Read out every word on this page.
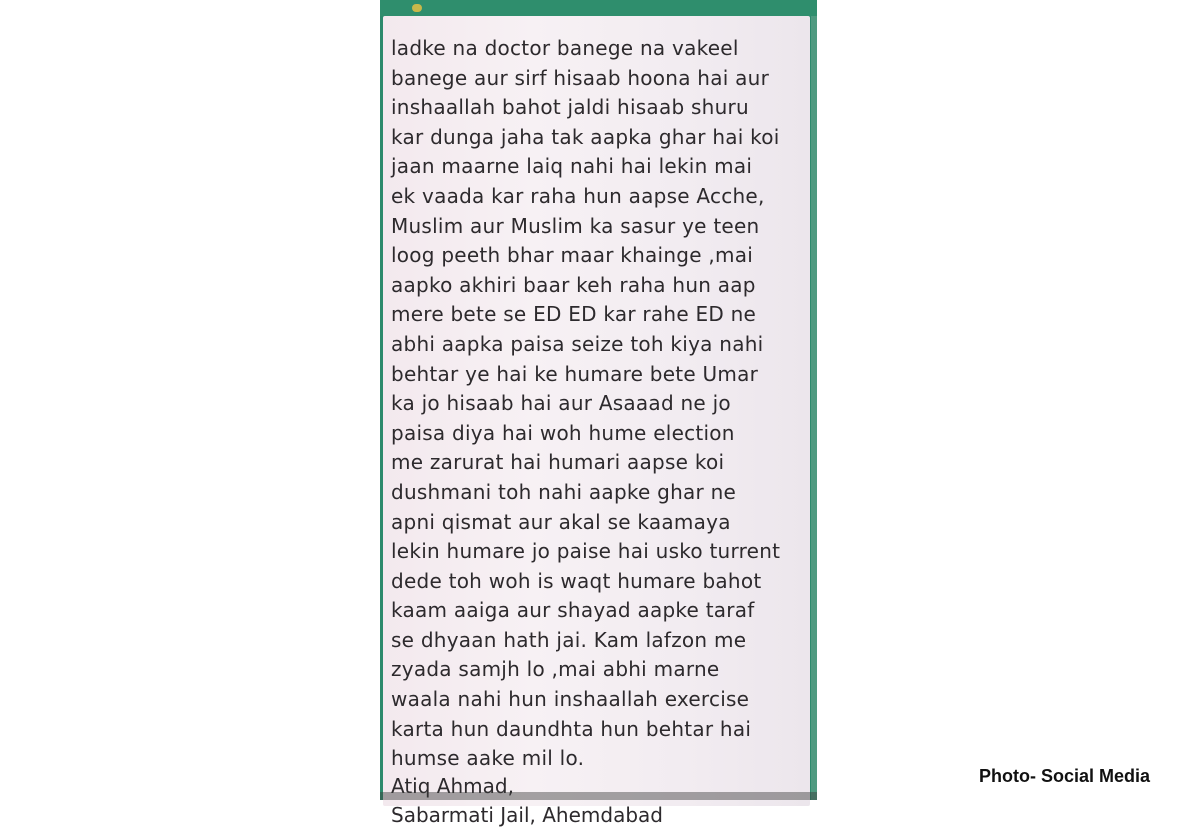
ladke na doctor banege na vakeel
banege aur sirf hisaab hoona hai aur
inshaallah bahot jaldi hisaab shuru
kar dunga jaha tak aapka ghar hai koi
jaan maarne laiq nahi hai lekin mai
ek vaada kar raha hun aapse Acche,
Muslim aur Muslim ka sasur ye teen
loog peeth bhar maar khainge ,mai
aapko akhiri baar keh raha hun aap
mere bete se ED ED kar rahe ED ne
abhi aapka paisa seize toh kiya nahi
behtar ye hai ke humare bete Umar
ka jo hisaab hai aur Asaaad ne jo
paisa diya hai woh hume election
me zarurat hai humari aapse koi
dushmani toh nahi aapke ghar ne
apni qismat aur akal se kaamaya
lekin humare jo paise hai usko turrent
dede toh woh is waqt humare bahot
kaam aaiga aur shayad aapke taraf
se dhyaan hath jai. Kam lafzon me
zyada samjh lo ,mai abhi marne
waala nahi hun inshaallah exercise
karta hun daundhta hun behtar hai
humse aake mil lo.
Atiq Ahmad,
Sabarmati Jail, Ahemdabad
Photo- Social Media
